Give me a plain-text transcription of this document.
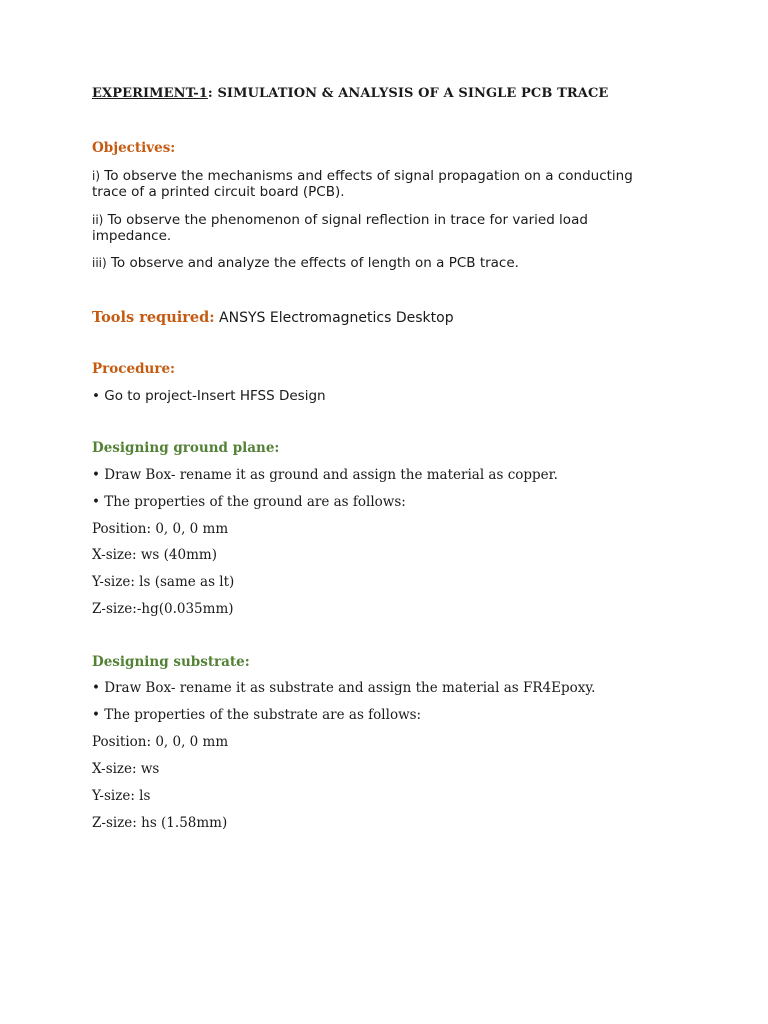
EXPERIMENT-1: SIMULATION & ANALYSIS OF A SINGLE PCB TRACE
Objectives:
i) To observe the mechanisms and effects of signal propagation on a conducting
trace of a printed circuit board (PCB).
ii) To observe the phenomenon of signal reflection in trace for varied load
impedance.
iii) To observe and analyze the effects of length on a PCB trace.
Tools required: ANSYS Electromagnetics Desktop
Procedure:
• Go to project-Insert HFSS Design
Designing ground plane:
• Draw Box- rename it as ground and assign the material as copper.
• The properties of the ground are as follows:
Position: 0, 0, 0 mm
X-size: ws (40mm)
Y-size: ls (same as lt)
Z-size:-hg(0.035mm)
Designing substrate:
• Draw Box- rename it as substrate and assign the material as FR4Epoxy.
• The properties of the substrate are as follows:
Position: 0, 0, 0 mm
X-size: ws
Y-size: ls
Z-size: hs (1.58mm)
